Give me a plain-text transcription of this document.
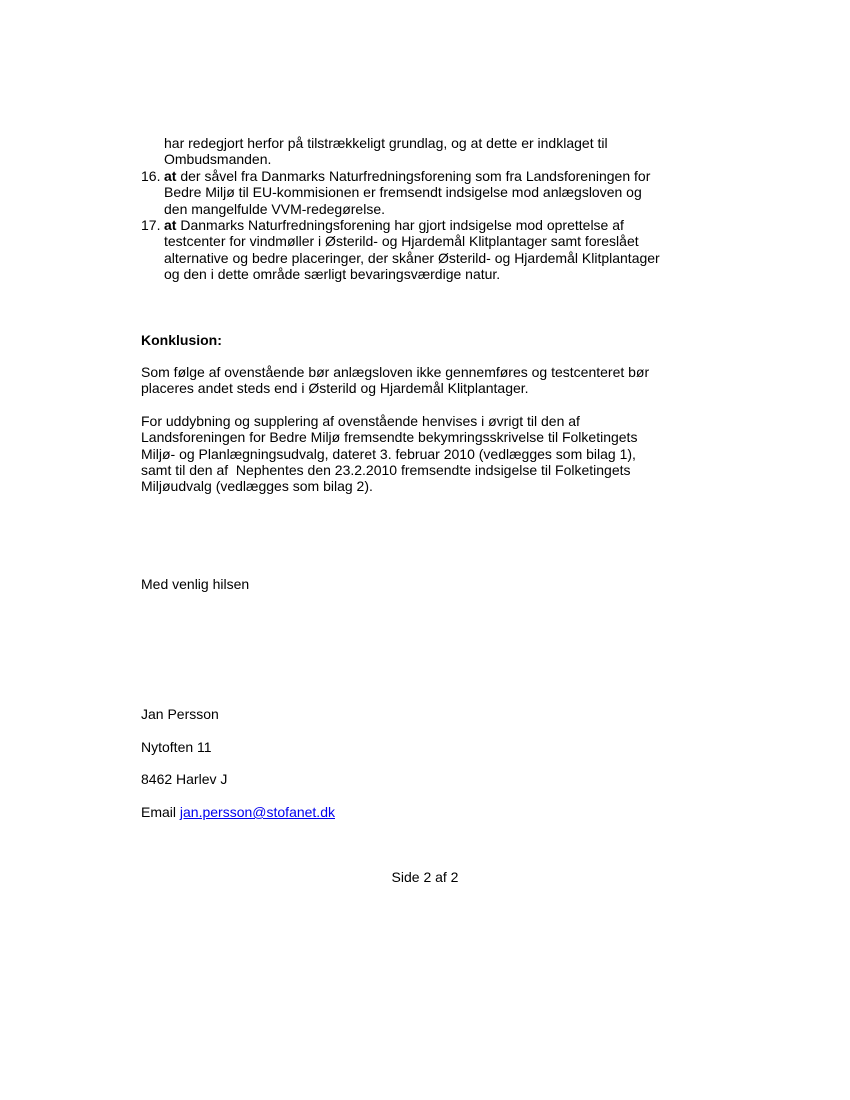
har redegjort herfor på tilstrækkeligt grundlag, og at dette er indklaget til
Ombudsmanden.
16. at der såvel fra Danmarks Naturfredningsforening som fra Landsforeningen for
Bedre Miljø til EU-kommisionen er fremsendt indsigelse mod anlægsloven og
den mangelfulde VVM-redegørelse.
17. at Danmarks Naturfredningsforening har gjort indsigelse mod oprettelse af
testcenter for vindmøller i Østerild- og Hjardemål Klitplantager samt foreslået
alternative og bedre placeringer, der skåner Østerild- og Hjardemål Klitplantager
og den i dette område særligt bevaringsværdige natur.
Konklusion:
Som følge af ovenstående bør anlægsloven ikke gennemføres og testcenteret bør
placeres andet steds end i Østerild og Hjardemål Klitplantager.
For uddybning og supplering af ovenstående henvises i øvrigt til den af
Landsforeningen for Bedre Miljø fremsendte bekymringsskrivelse til Folketingets
Miljø- og Planlægningsudvalg, dateret 3. februar 2010 (vedlægges som bilag 1),
samt til den af  Nephentes den 23.2.2010 fremsendte indsigelse til Folketingets
Miljøudvalg (vedlægges som bilag 2).
Med venlig hilsen
Jan Persson
Nytoften 11
8462 Harlev J
Email jan.persson@stofanet.dk
Side 2 af 2
